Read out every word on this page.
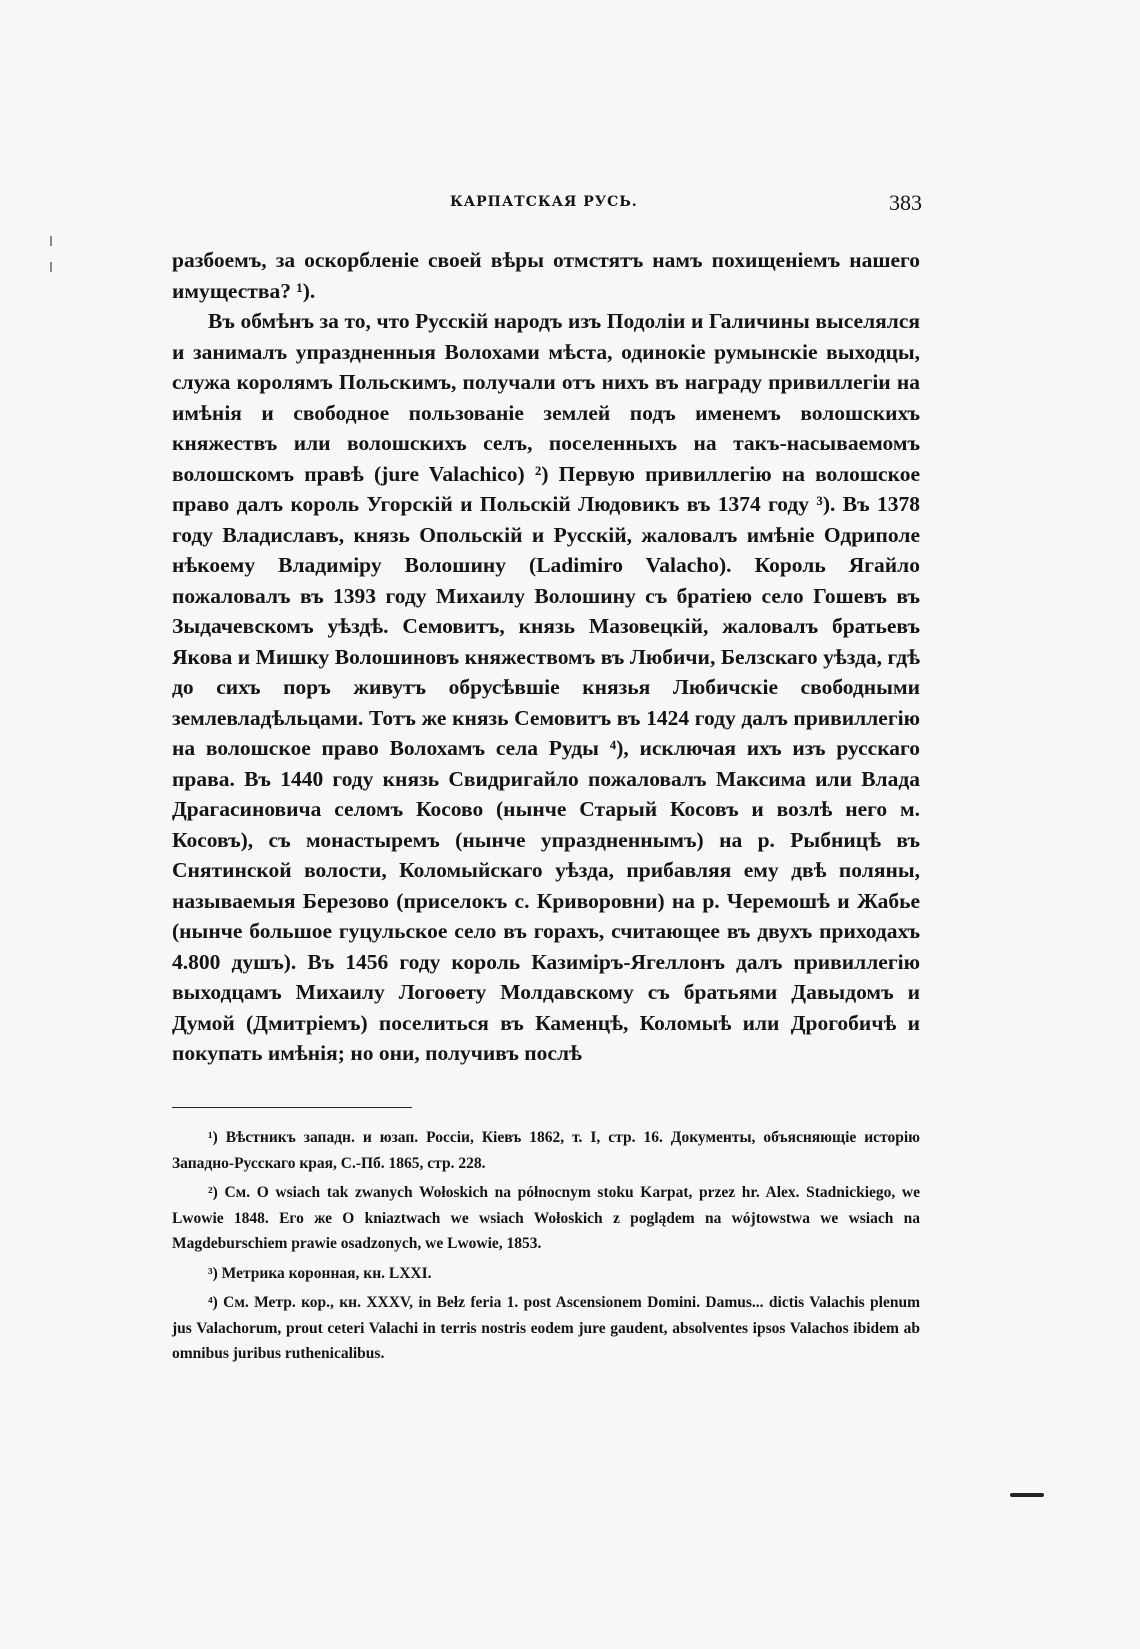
КАРПАТСКАЯ РУСЬ.	383

разбоемъ, за оскорбленіе своей вѣры отмстятъ намъ похищеніемъ нашего имущества? ¹).

Въ обмѣнъ за то, что Русскій народъ изъ Подоліи и Галичины выселялся и занималъ упраздненныя Волохами мѣста, одинокіе румынскіе выходцы, служа королямъ Польскимъ, получали отъ нихъ въ награду привиллегіи на имѣнія и свободное пользованіе землей подъ именемъ волошскихъ княжествъ или волошскихъ селъ, поселенныхъ на такъ-насываемомъ волошскомъ правѣ (jure Valachico) ²) Первую привиллегію на волошское право далъ король Угорскій и Польскій Людовикъ въ 1374 году ³). Въ 1378 году Владиславъ, князь Опольскій и Русскій, жаловалъ имѣніе Одриполе нѣкоему Владиміру Волошину (Ladimiro Valacho). Король Ягайло пожаловалъ въ 1393 году Михаилу Волошину съ братіею село Гошевъ въ Зыдачевскомъ уѣздѣ. Семовитъ, князь Мазовецкій, жаловалъ братьевъ Якова и Мишку Волошиновъ княжествомъ въ Любичи, Белзскаго уѣзда, гдѣ до сихъ поръ живутъ обрусѣвшіе князья Любичскіе свободными землевладѣльцами. Тотъ же князь Семовитъ въ 1424 году далъ привиллегію на волошское право Волохамъ села Руды ⁴), исключая ихъ изъ русскаго права. Въ 1440 году князь Свидригайло пожаловалъ Максима или Влада Драгасиновича селомъ Косово (нынче Старый Косовъ и возлѣ него м. Косовъ), съ монастыремъ (нынче упраздненнымъ) на р. Рыбницѣ въ Снятинской волости, Коломыйскаго уѣзда, прибавляя ему двѣ поляны, называемыя Березово (приселокъ с. Криворовни) на р. Черемошѣ и Жабье (нынче большое гуцульское село въ горахъ, считающее въ двухъ приходахъ 4.800 душъ). Въ 1456 году король Казиміръ-Ягеллонъ далъ привиллегію выходцамъ Михаилу Логоѳету Молдавскому съ братьями Давыдомъ и Думой (Дмитріемъ) поселиться въ Каменцѣ, Коломыѣ или Дрогобичѣ и покупать имѣнія; но они, получивъ послѣ

¹) Вѣстникъ западн. и юзап. Россіи, Кіевъ 1862, т. I, стр. 16. Документы, объясняющіе исторію Западно-Русскаго края, С.-Пб. 1865, стр. 228.

²) См. O wsiach tak zwanych Wołoskich na północnym stoku Karpat, przez hr. Alex. Stadnickiego, we Lwowie 1848. Его же O kniaztwach we wsiach Wołoskich z poglądem na wójtowstwa we wsiach na Magdeburschiem prawie osadzonych, we Lwowie, 1853.

³) Метрика коронная, кн. LXXI.

⁴) См. Метр. кор., кн. XXXV, in Bełz feria 1. post Ascensionem Domini. Damus... dictis Valachis plenum jus Valachorum, prout ceteri Valachi in terris nostris eodem jure gaudent, absolventes ipsos Valachos ibidem ab omnibus juribus ruthenicalibus.
